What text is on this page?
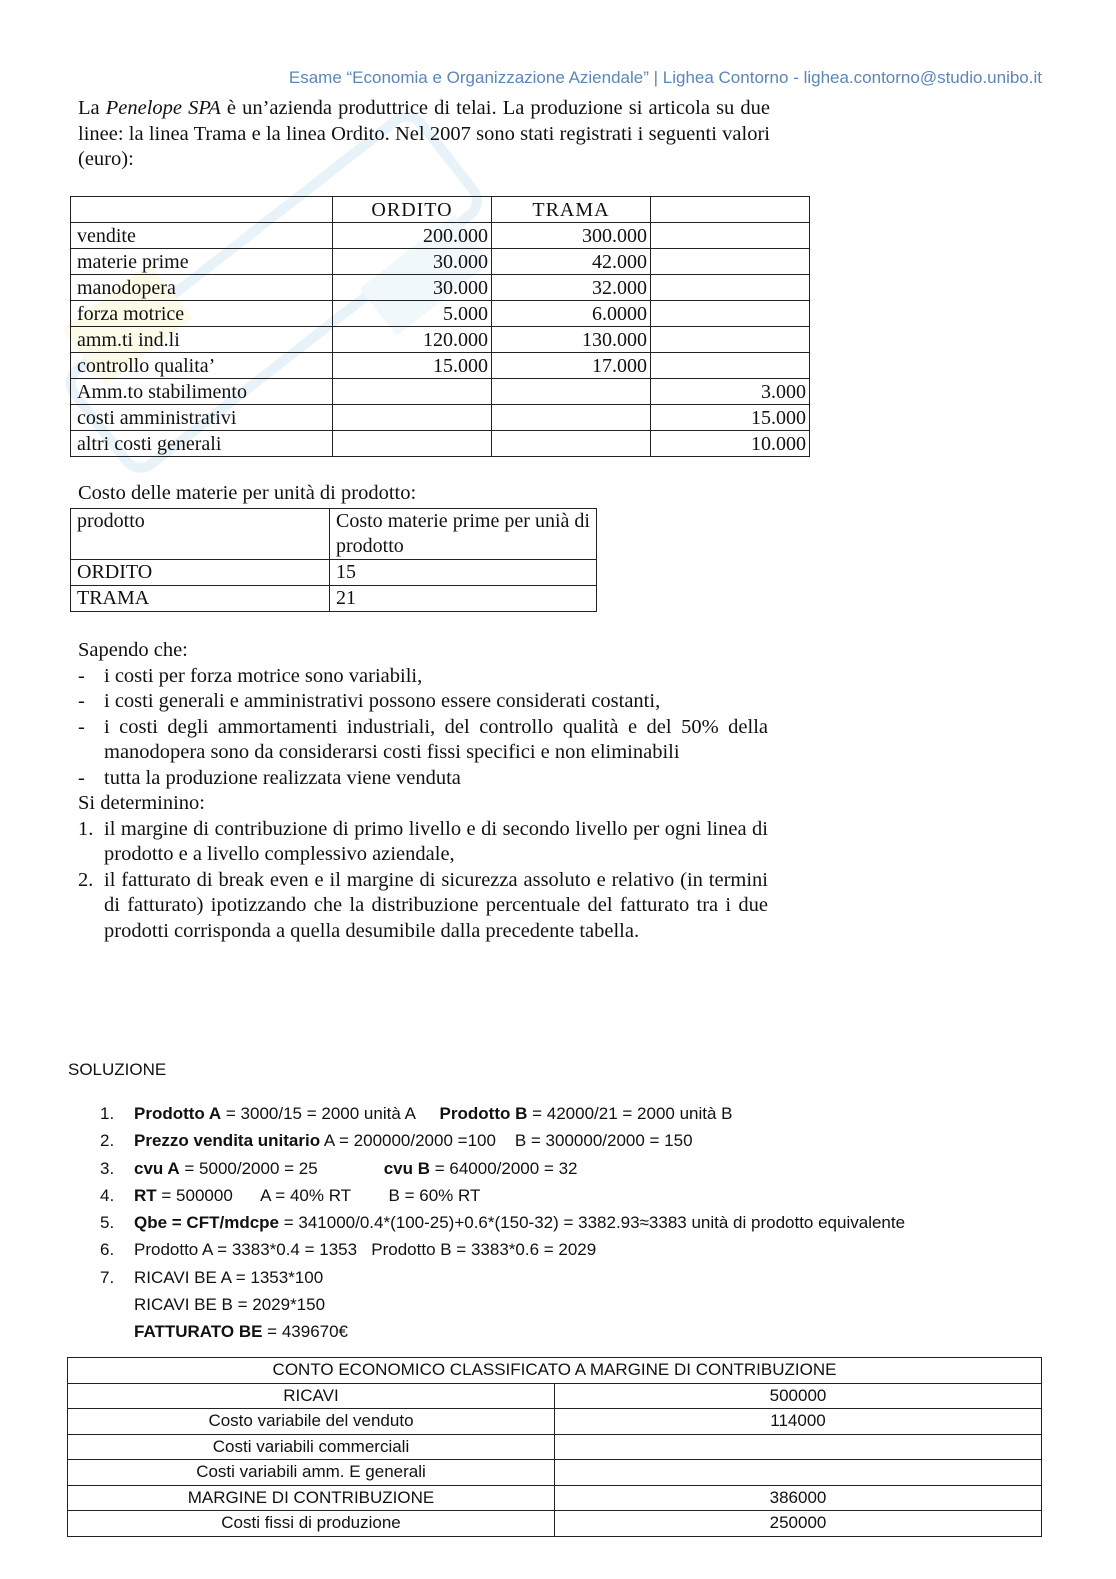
Esame “Economia e Organizzazione Aziendale” | Lighea Contorno - lighea.contorno@studio.unibo.it
La Penelope SPA è un’azienda produttrice di telai. La produzione si articola su due linee: la linea Trama e la linea Ordito. Nel 2007 sono stati registrati i seguenti valori (euro):
	ORDITO	TRAMA	
vendite	200.000	300.000	
materie prime	30.000	42.000	
manodopera	30.000	32.000	
forza motrice	5.000	6.0000	
amm.ti ind.li	120.000	130.000	
controllo qualita’	15.000	17.000	
Amm.to stabilimento			3.000
costi amministrativi			15.000
altri costi generali			10.000
Costo delle materie per unità di prodotto:
prodotto	Costo materie prime per unià di prodotto
ORDITO	15
TRAMA	21
Sapendo che:
- i costi per forza motrice sono variabili,
- i costi generali e amministrativi possono essere considerati costanti,
- i costi degli ammortamenti industriali, del controllo qualità e del 50% della manodopera sono da considerarsi costi fissi specifici e non eliminabili
- tutta la produzione realizzata viene venduta
Si determinino:
1. il margine di contribuzione di primo livello e di secondo livello per ogni linea di prodotto e a livello complessivo aziendale,
2. il fatturato di break even e il margine di sicurezza assoluto e relativo (in termini di fatturato) ipotizzando che la distribuzione percentuale del fatturato tra i due prodotti corrisponda a quella desumibile dalla precedente tabella.
SOLUZIONE
1.	Prodotto A = 3000/15 = 2000 unità A Prodotto B = 42000/21 = 2000 unità B
2.	Prezzo vendita unitario A = 200000/2000 =100    B = 300000/2000 = 150
3.	cvu A = 5000/2000 = 25	cvu B = 64000/2000 = 32
4.	RT = 500000      A = 40% RT        B = 60% RT
5.	Qbe = CFT/mdcpe = 341000/0.4*(100-25)+0.6*(150-32) = 3382.93≈3383 unità di prodotto equivalente
6.	Prodotto A = 3383*0.4 = 1353   Prodotto B = 3383*0.6 = 2029
7.	RICAVI BE A = 1353*100
RICAVI BE B = 2029*150
FATTURATO BE = 439670€
CONTO ECONOMICO CLASSIFICATO A MARGINE DI CONTRIBUZIONE	
RICAVI	500000
Costo variabile del venduto	114000
Costi variabili commerciali	
Costi variabili amm. E generali	
MARGINE DI CONTRIBUZIONE	386000
Costi fissi di produzione	250000
